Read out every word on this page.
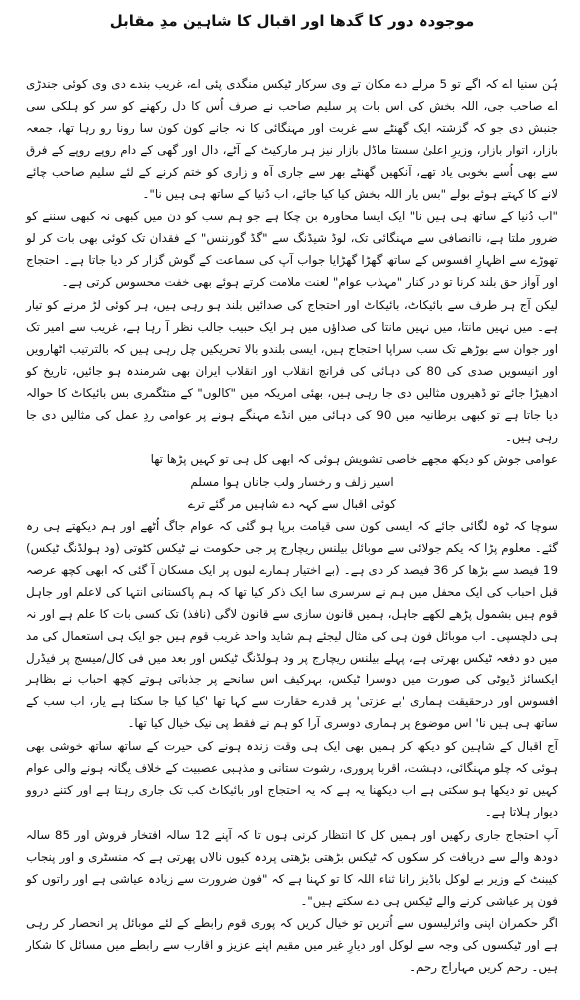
موجودہ دور کا گدھا اور اقبال کا شاہین مدِ مقابل

ہُن سنیا اے کہ اگے تو 5 مرلے دے مکان تے وی سرکار ٹیکس منگدی پئی اے، غریب بندے دی وی کوئی جندڑی اے صاحب جی، اللہ بخش کی اس بات پر سلیم صاحب نے صرف اُس کا دل رکھنے کو سر کو ہلکی سی جنبش دی جو کہ گزشتہ ایک گھنٹے سے غربت اور مہنگائی کا نہ جانے کون کون سا رونا رو رہا تھا، جمعہ بازار، اتوار بازار، وزیرِ اعلیٰ سستا ماڈل بازار نیز ہر مارکیٹ کے آٹے، دال اور گھی کے دام روپے روپے کے فرق سے بھی اُسے بخوبی یاد تھے، آنکھیں گھنٹے بھر سے جاری آہ و زاری کو ختم کرنے کے لئے سلیم صاحب چائے لانے کا کہتے ہوئے بولے "بس یار اللہ بخش کیا کیا جائے، اب دُنیا کے ساتھ ہی ہیں نا"۔

"اب دُنیا کے ساتھ ہی ہیں نا" ایک ایسا محاورہ بن چکا ہے جو ہم سب کو دن میں کبھی نہ کبھی سننے کو ضرور ملتا ہے، ناانصافی سے مہنگائی تک، لوڈ شیڈنگ سے "گڈ گورننس" کے فقدان تک کوئی بھی بات کر لو تھوڑے سے اظہارِ افسوس کے ساتھ گھڑا گھڑایا جواب آپ کی سماعت کے گوش گزار کر دیا جاتا ہے۔ احتجاج اور آواز حق بلند کرنا تو در کنار "مہذب عوام" لعنت ملامت کرتے ہوئے بھی خفت محسوس کرتی ہے۔

لیکن آج ہر طرف سے بائیکاٹ، بائیکاٹ اور احتجاج کی صدائیں بلند ہو رہی ہیں، ہر کوئی لڑ مرنے کو تیار ہے۔ میں نہیں مانتا، میں نہیں مانتا کی صداؤں میں ہر ایک حبیب جالب نظر آ رہا ہے، غریب سے امیر تک اور جوان سے بوڑھے تک سب سراپا احتجاج ہیں، ایسی بلندو بالا تحریکیں چل رہی ہیں کہ بالترتیب اٹھارویں اور انیسویں صدی کی 80 کی دہائی کی فرانچ انقلاب اور انقلاب ایران بھی شرمندہ ہو جائیں، تاریخ کو ادھیڑا جائے تو ڈھیروں مثالیں دی جا رہی ہیں، بھئی امریکہ میں "کالوں" کے منٹگمری بس بائیکاٹ کا حوالہ دیا جاتا ہے تو کبھی برطانیہ میں 90 کی دہائی میں انڈے مہنگے ہونے پر عوامی ردِ عمل کی مثالیں دی جا رہی ہیں۔

عوامی جوش کو دیکھ مجھے خاصی تشویش ہوئی کہ ابھی کل ہی تو کہیں پڑھا تھا

اسیر زلف و رخسار ولب جاناں ہوا مسلم

کوئی اقبال سے کہہ دے شاہیں مر گئے ترے

سوچا کہ ٹوہ لگائی جائے کہ ایسی کون سی قیامت برپا ہو گئی کہ عوام جاگ اُٹھے اور ہم دیکھتے ہی رہ گئے۔ معلوم پڑا کہ یکم جولائی سے موبائل بیلنس ریچارج پر جی حکومت نے ٹیکس کٹوتی (ود ہولڈنگ ٹیکس) 19 فیصد سے بڑھا کر 36 فیصد کر دی ہے۔ (بے اختیار ہمارے لبوں پر ایک مسکان آ گئی کہ ابھی کچھ عرصہ قبل احباب کی ایک محفل میں ہم نے سرسری سا ایک ذکر کیا تھا کہ ہم پاکستانی انتہا کی لاعلم اور جاہل قوم ہیں بشمول پڑھے لکھے جاہل، ہمیں قانون سازی سے قانون لاگی (نافذ) تک کسی بات کا علم ہے اور نہ ہی دلچسپی۔ اب موبائل فون ہی کی مثال لیجئے ہم شاید واحد غریب قوم ہیں جو ایک ہی استعمال کی مد میں دو دفعہ ٹیکس بھرتی ہے، پہلے بیلنس ریچارج پر ود ہولڈنگ ٹیکس اور بعد میں فی کال/میسج پر فیڈرل ایکسائز ڈیوٹی کی صورت میں دوسرا ٹیکس، بہرکیف اس سانحے پر جذباتی ہوتے کچھ احباب نے بظاہر افسوس اور درحقیقت ہماری 'بے عزتی' پر قدرے حقارت سے کہا تھا 'کیا کیا جا سکتا ہے یار، اب سب کے ساتھ ہی ہیں نا' اس موضوع پر ہماری دوسری آرا کو ہم نے فقط پی نیک خیال کیا تھا۔

آج اقبال کے شاہین کو دیکھ کر ہمیں بھی ایک ہی وقت زندہ ہونے کی حیرت کے ساتھ ساتھ خوشی بھی ہوئی کہ چلو مہنگائی، دہشت، اقربا پروری، رشوت ستانی و مذہبی عصبیت کے خلاف یگانہ ہونے والی عوام کہیں تو دیکھا ہو سکتی ہے اب دیکھنا یہ ہے کہ یہ احتجاج اور بائیکاٹ کب تک جاری رہتا ہے اور کتنے دروو دیوار ہلاتا ہے۔

آپ احتجاج جاری رکھیں اور ہمیں کل کا انتظار کرنی ہوں تا کہ آپنے 12 سالہ افتخار فروش اور 85 سالہ دودھ والے سے دریافت کر سکوں کہ ٹیکس بڑھتی بڑھتی پردہ کیوں نالاں پھرتی ہے کہ منسٹری و اور پنجاب کیبنٹ کے وزیر بے لوکل باڈیز رانا ثناء اللہ کا تو کہنا ہے کہ "فون ضرورت سے زیادہ عیاشی ہے اور راتوں کو فون پر عیاشی کرنے والے ٹیکس ہی دے سکتے ہیں"۔

اگر حکمران اپنی وائرلیسوں سے اُتریں تو خیال کریں کہ پوری قوم رابطے کے لئے موبائل پر انحصار کر رہی ہے اور ٹیکسوں کی وجہ سے لوکل اور دیارِ غیر میں مقیم اپنے عزیز و اقارب سے رابطے میں مسائل کا شکار ہیں۔ رحم کریں مہاراج رحم۔
